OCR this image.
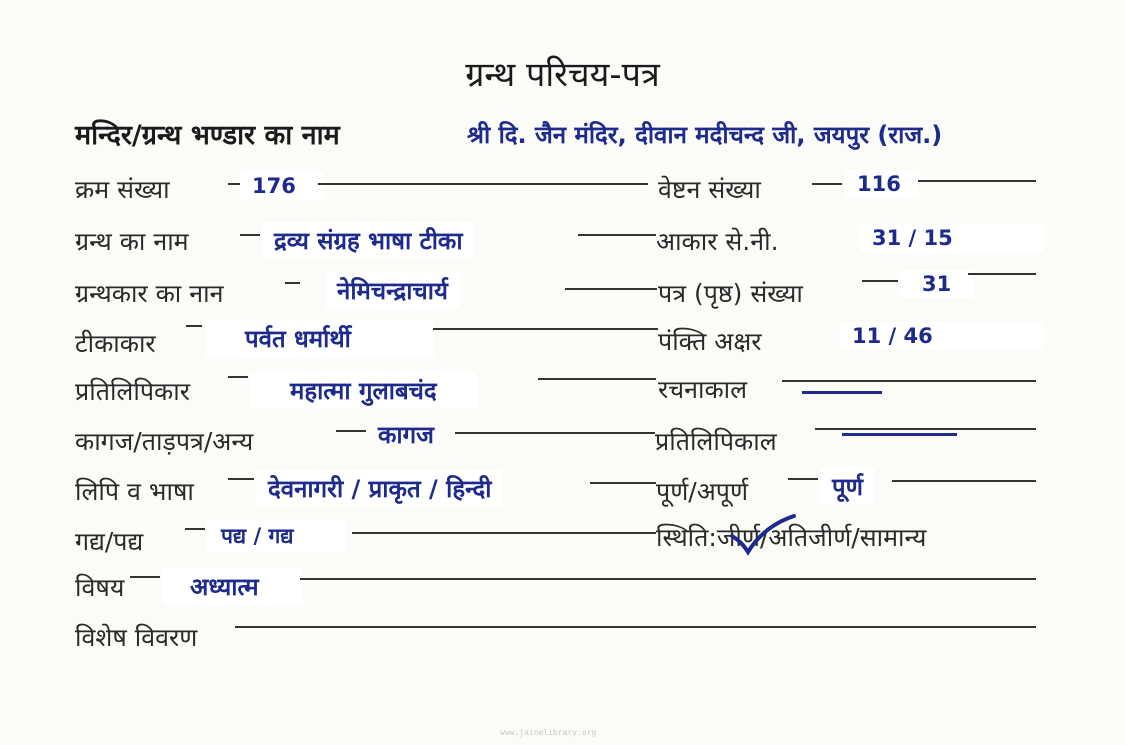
ग्रन्थ परिचय-पत्र
मन्दिर/ग्रन्थ भण्डार का नाम	श्री दि. जैन मंदिर, दीवान मदीचन्द जी, जयपुर (राज.)
क्रम संख्या	176	वेष्टन संख्या	116
ग्रन्थ का नाम	द्रव्य संग्रह भाषा टीका	आकार से.नी.	31 / 15
ग्रन्थकार का नान	नेमिचन्द्राचार्य	पत्र (पृष्ठ) संख्या	31
टीकाकार	पर्वत धर्मार्थी	पंक्ति अक्षर	11 / 46
प्रतिलिपिकार	महात्मा गुलाबचंद	रचनाकाल
कागज/ताड़पत्र/अन्य	कागज	प्रतिलिपिकाल
लिपि व भाषा	देवनागरी / प्राकृत / हिन्दी	पूर्ण/अपूर्ण	पूर्ण
गद्य/पद्य	पद्य / गद्य	स्थिति:जीर्ण/अतिजीर्ण/सामान्य
विषय	अध्यात्म
विशेष विवरण
www.jainelibrary.org
